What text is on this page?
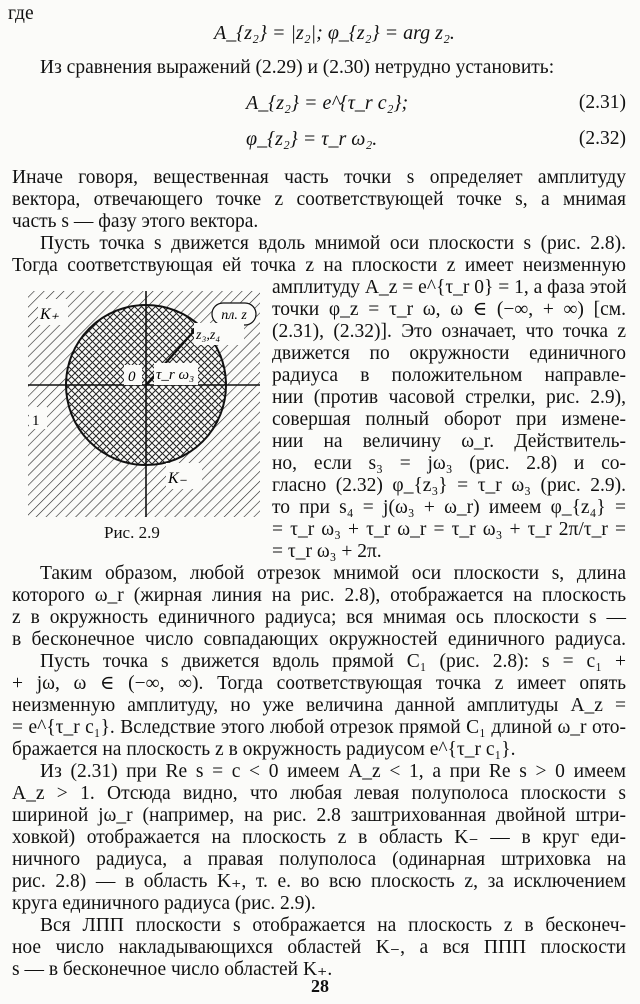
где
A_{z₂} = |z₂|; φ_{z₂} = arg z₂.
Из сравнения выражений (2.29) и (2.30) нетрудно установить:
A_{z₂} = e^{τ_r c₂};	(2.31)
φ_{z₂} = τ_r ω₂.	(2.32)
Иначе говоря, вещественная часть точки s определяет амплитуду
вектора, отвечающего точке z соответствующей точке s, а мнимая
часть s — фазу этого вектора.
Пусть точка s движется вдоль мнимой оси плоскости s (рис. 2.8).
Тогда соответствующая ей точка z на плоскости z имеет неизменную
амплитуду A_z = e^{τ_r 0} = 1, а фаза этой
точки φ_z = τ_r ω, ω ∈ (−∞, + ∞) [см.
(2.31), (2.32)]. Это означает, что точка z
движется по окружности единичного
радиуса в положительном направле-
нии (против часовой стрелки, рис. 2.9),
совершая полный оборот при измене-
нии на величину ω_r. Действитель-
но, если s₃ = jω₃ (рис. 2.8) и со-
гласно (2.32) φ_{z₃} = τ_r ω₃ (рис. 2.9).
то при s₄ = j(ω₃ + ω_r) имеем φ_{z₄} =
= τ_r ω₃ + τ_r ω_r = τ_r ω₃ + τ_r 2π/τ_r =
= τ_r ω₃ + 2π.
пл. z
K₊
0
1
τ_r ω₃
K₋
z₃,z₄
Рис. 2.9
Таким образом, любой отрезок мнимой оси плоскости s, длина
которого ω_r (жирная линия на рис. 2.8), отображается на плоскость
z в окружность единичного радиуса; вся мнимая ось плоскости s —
в бесконечное число совпадающих окружностей единичного радиуса.
Пусть точка s движется вдоль прямой C₁ (рис. 2.8): s = c₁ +
+ jω, ω ∈ (−∞, ∞). Тогда соответствующая точка z имеет опять
неизменную амплитуду, но уже величина данной амплитуды A_z =
= e^{τ_r c₁}. Вследствие этого любой отрезок прямой C₁ длиной ω_r ото-
бражается на плоскость z в окружность радиусом e^{τ_r c₁}.
Из (2.31) при Re s = c < 0 имеем A_z < 1, а при Re s > 0 имеем
A_z > 1. Отсюда видно, что любая левая полуполоса плоскости s
шириной jω_r (например, на рис. 2.8 заштрихованная двойной штри-
ховкой) отображается на плоскость z в область K₋ — в круг еди-
ничного радиуса, а правая полуполоса (одинарная штриховка на
рис. 2.8) — в область K₊, т. е. во всю плоскость z, за исключением
круга единичного радиуса (рис. 2.9).
Вся ЛПП плоскости s отображается на плоскость z в бесконеч-
ное число накладывающихся областей K₋, а вся ППП плоскости
s — в бесконечное число областей K₊.
28
